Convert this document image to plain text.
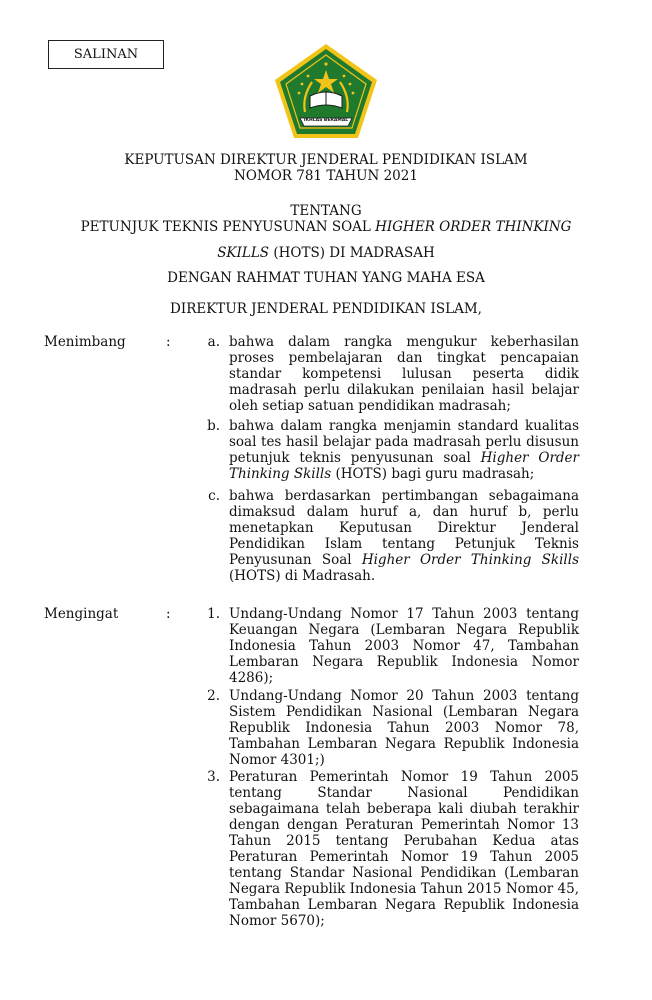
SALINAN
IKHLAS BERAMAL
KEPUTUSAN DIREKTUR JENDERAL PENDIDIKAN ISLAM
NOMOR 781 TAHUN 2021
TENTANG
PETUNJUK TEKNIS PENYUSUNAN SOAL HIGHER ORDER THINKING
SKILLS (HOTS) DI MADRASAH
DENGAN RAHMAT TUHAN YANG MAHA ESA
DIREKTUR JENDERAL PENDIDIKAN ISLAM,
Menimbang	:	a. bahwa dalam rangka mengukur keberhasilan proses pembelajaran dan tingkat pencapaian standar kompetensi lulusan peserta didik madrasah perlu dilakukan penilaian hasil belajar oleh setiap satuan pendidikan madrasah;
b. bahwa dalam rangka menjamin standard kualitas soal tes hasil belajar pada madrasah perlu disusun petunjuk teknis penyusunan soal Higher Order Thinking Skills (HOTS) bagi guru madrasah;
c. bahwa berdasarkan pertimbangan sebagaimana dimaksud dalam huruf a, dan huruf b, perlu menetapkan Keputusan Direktur Jenderal Pendidikan Islam tentang Petunjuk Teknis Penyusunan Soal Higher Order Thinking Skills (HOTS) di Madrasah.
Mengingat	:	1. Undang-Undang Nomor 17 Tahun 2003 tentang Keuangan Negara (Lembaran Negara Republik Indonesia Tahun 2003 Nomor 47, Tambahan Lembaran Negara Republik Indonesia Nomor 4286);
2. Undang-Undang Nomor 20 Tahun 2003 tentang Sistem Pendidikan Nasional (Lembaran Negara Republik Indonesia Tahun 2003 Nomor 78, Tambahan Lembaran Negara Republik Indonesia Nomor 4301;)
3. Peraturan Pemerintah Nomor 19 Tahun 2005 tentang Standar Nasional Pendidikan sebagaimana telah beberapa kali diubah terakhir dengan dengan Peraturan Pemerintah Nomor 13 Tahun 2015 tentang Perubahan Kedua atas Peraturan Pemerintah Nomor 19 Tahun 2005 tentang Standar Nasional Pendidikan (Lembaran Negara Republik Indonesia Tahun 2015 Nomor 45, Tambahan Lembaran Negara Republik Indonesia Nomor 5670);
